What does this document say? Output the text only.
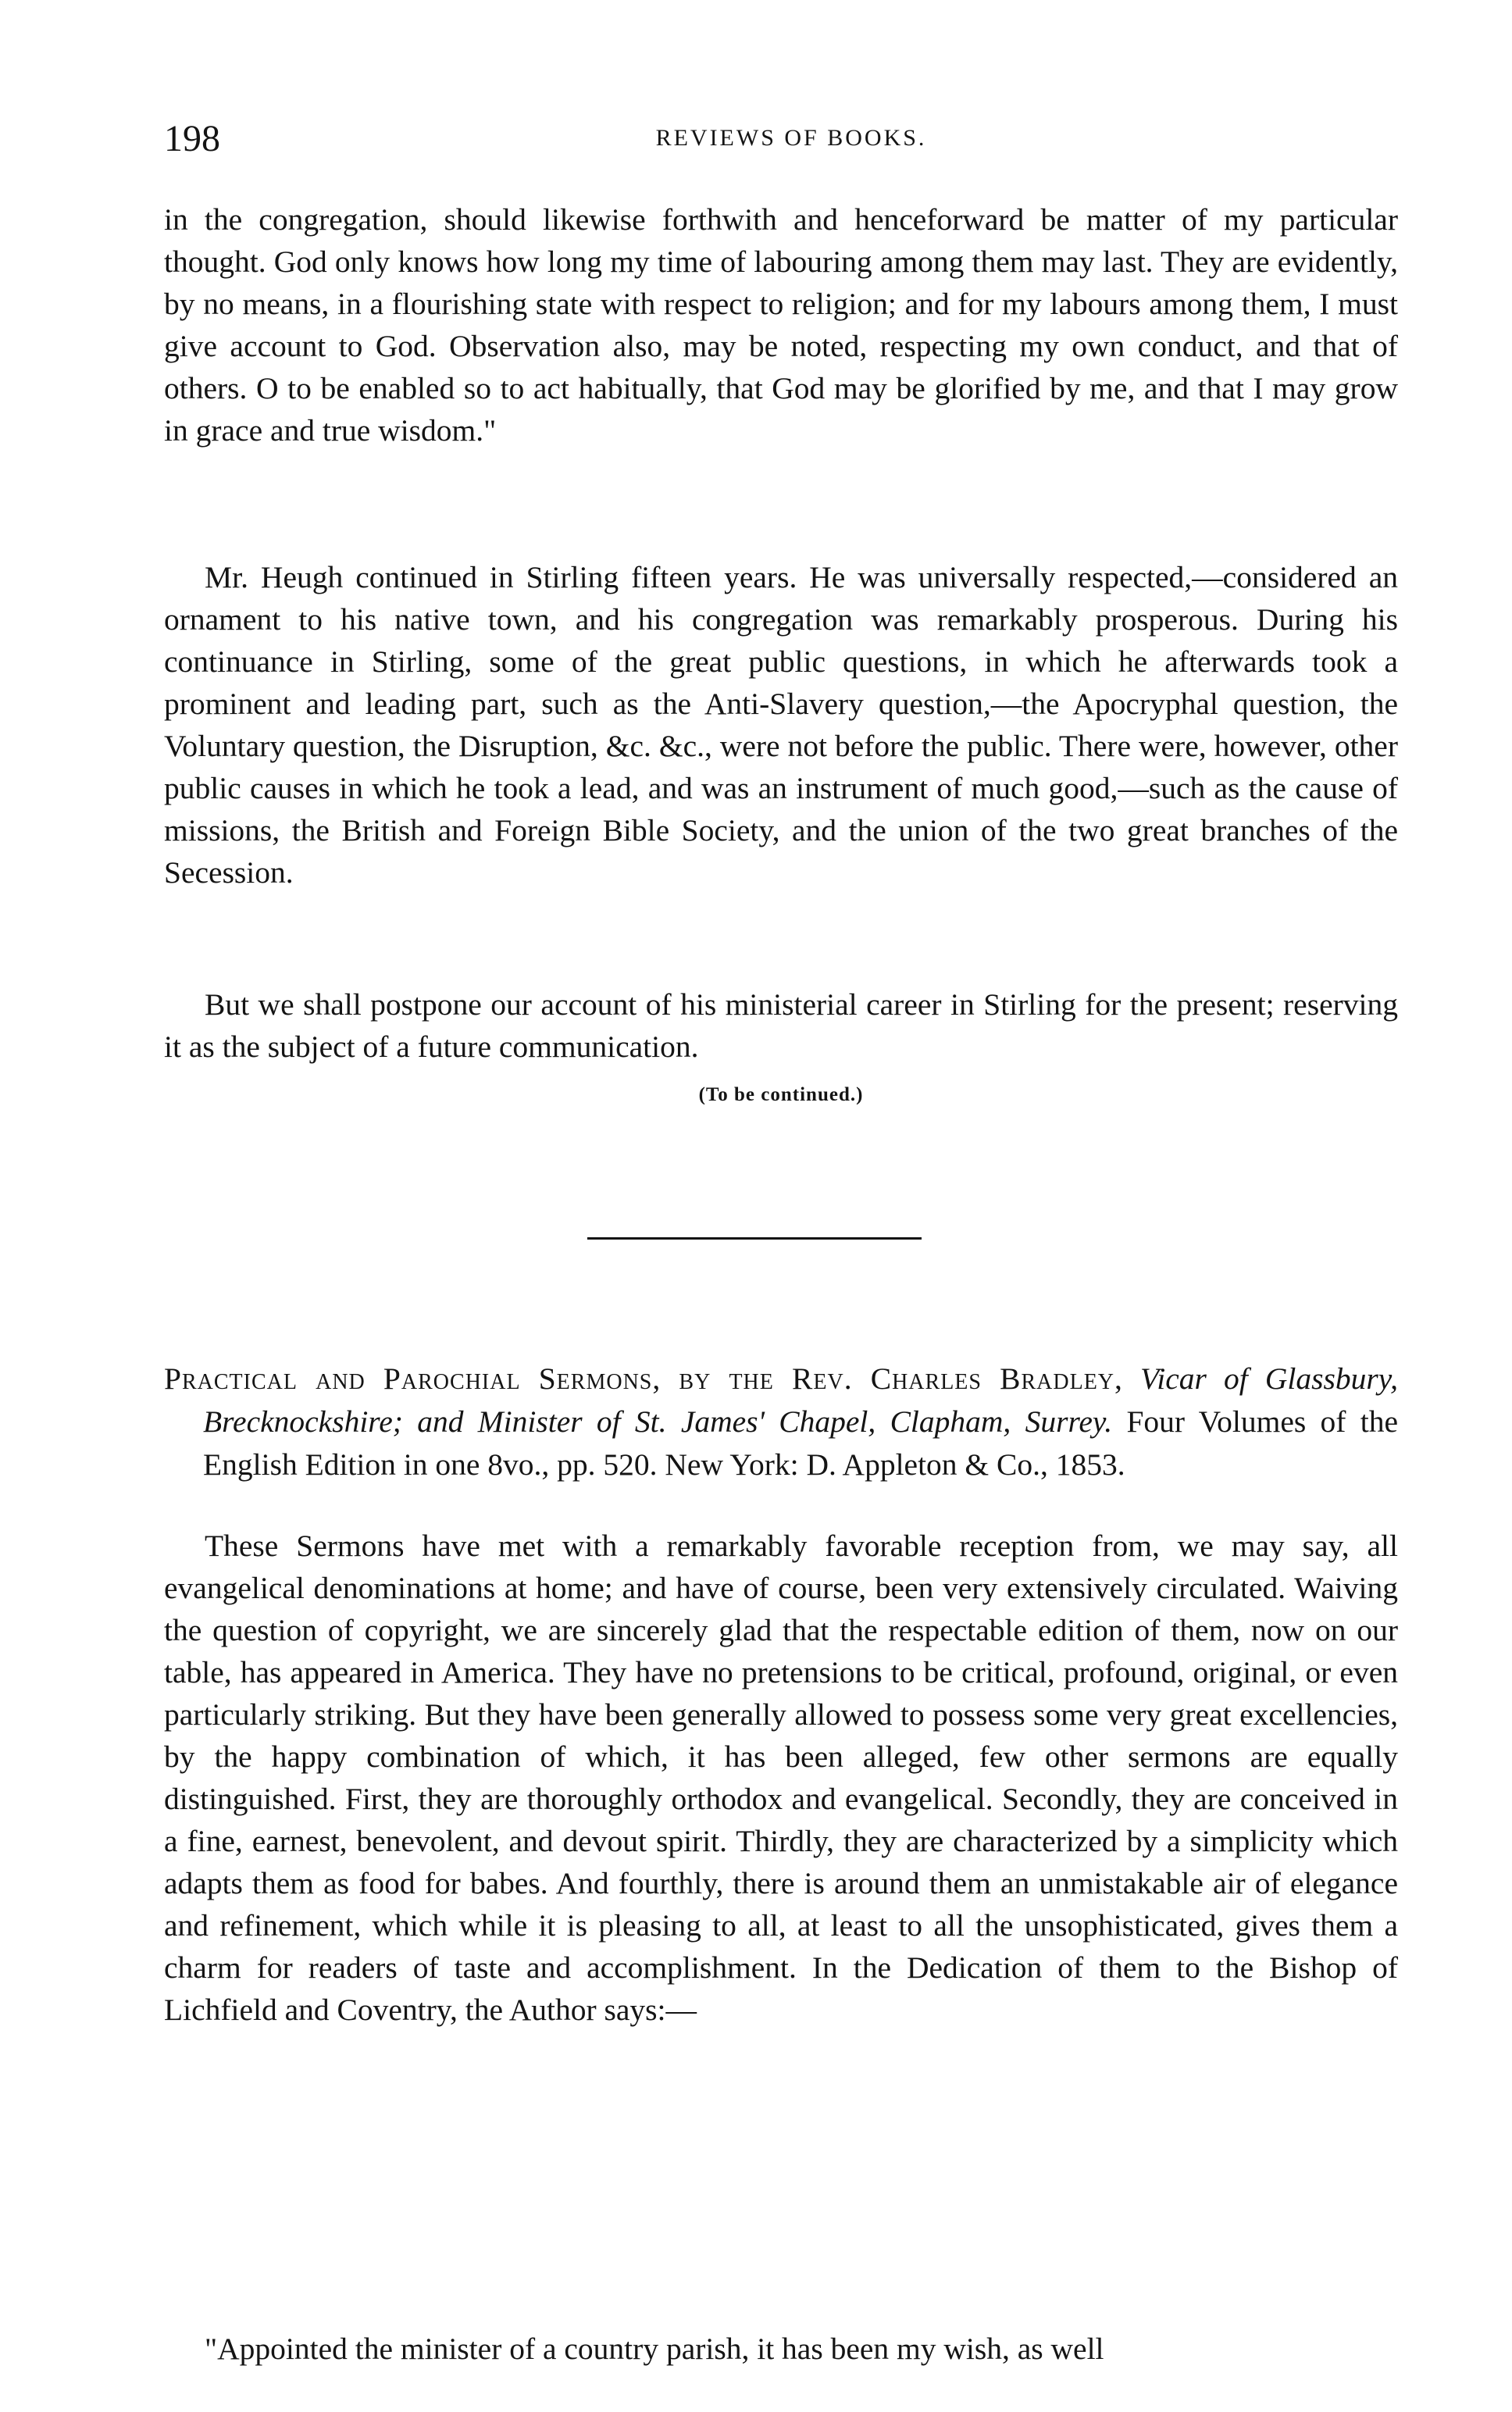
198	REVIEWS OF BOOKS.

in the congregation, should likewise forthwith and henceforward be matter of my particular thought. God only knows how long my time of labouring among them may last. They are evidently, by no means, in a flourishing state with respect to religion; and for my labours among them, I must give account to God. Observation also, may be noted, respecting my own conduct, and that of others. O to be enabled so to act habitually, that God may be glorified by me, and that I may grow in grace and true wisdom."

Mr. Heugh continued in Stirling fifteen years. He was universally respected,—considered an ornament to his native town, and his congregation was remarkably prosperous. During his continuance in Stirling, some of the great public questions, in which he afterwards took a prominent and leading part, such as the Anti-Slavery question,—the Apocryphal question, the Voluntary question, the Disruption, &c. &c., were not before the public. There were, however, other public causes in which he took a lead, and was an instrument of much good,—such as the cause of missions, the British and Foreign Bible Society, and the union of the two great branches of the Secession.

But we shall postpone our account of his ministerial career in Stirling for the present; reserving it as the subject of a future communication.

(To be continued.)
Practical and Parochial Sermons, by the Rev. Charles Bradley, Vicar of Glassbury, Brecknockshire; and Minister of St. James' Chapel, Clapham, Surrey. Four Volumes of the English Edition in one 8vo., pp. 520. New York: D. Appleton & Co., 1853.

These Sermons have met with a remarkably favorable reception from, we may say, all evangelical denominations at home; and have of course, been very extensively circulated. Waiving the question of copyright, we are sincerely glad that the respectable edition of them, now on our table, has appeared in America. They have no pretensions to be critical, profound, original, or even particularly striking. But they have been generally allowed to possess some very great excellencies, by the happy combination of which, it has been alleged, few other sermons are equally distinguished. First, they are thoroughly orthodox and evangelical. Secondly, they are conceived in a fine, earnest, benevolent, and devout spirit. Thirdly, they are characterized by a simplicity which adapts them as food for babes. And fourthly, there is around them an unmistakable air of elegance and refinement, which while it is pleasing to all, at least to all the unsophisticated, gives them a charm for readers of taste and accomplishment. In the Dedication of them to the Bishop of Lichfield and Coventry, the Author says:—

"Appointed the minister of a country parish, it has been my wish, as well
